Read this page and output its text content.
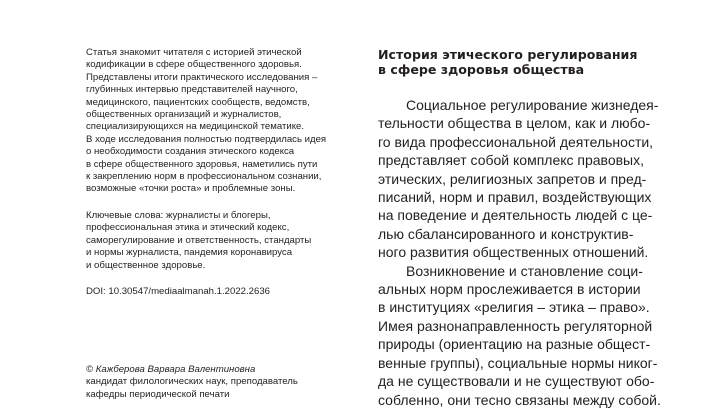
Статья знакомит читателя с историей этической

кодификации в сфере общественного здоровья.

Представлены итоги практического исследования –

глубинных интервью представителей научного,

медицинского, пациентских сообществ, ведомств,

общественных организаций и журналистов,

специализирующихся на медицинской тематике.

В ходе исследования полностью подтвердилась идея

о необходимости создания этического кодекса

в сфере общественного здоровья, наметились пути

к закреплению норм в профессиональном сознании,

возможные «точки роста» и проблемные зоны.

Ключевые слова: журналисты и блогеры,

профессиональная этика и этический кодекс,

саморегулирование и ответственность, стандарты

и нормы журналиста, пандемия коронавируса

и общественное здоровье.

DOI: 10.30547/mediaalmanah.1.2022.2636

© Кажберова Варвара Валентиновна

кандидат филологических наук, преподаватель

кафедры периодической печати

История этического регулирования
в сфере здоровья общества
Социальное регулирование жизнедея-
тельности общества в целом, как и любо-
го вида профессиональной деятельности,
представляет собой комплекс правовых,
этических, религиозных запретов и пред-
писаний, норм и правил, воздействующих
на поведение и деятельность людей с це-
лью сбалансированного и конструктив-
ного развития общественных отношений.
Возникновение и становление соци-
альных норм прослеживается в истории
в институциях «религия – этика – право».
Имея разнонаправленность регуляторной
природы (ориентацию на разные общест-
венные группы), социальные нормы никог-
да не существовали и не существуют обо-
собленно, они тесно связаны между собой.
